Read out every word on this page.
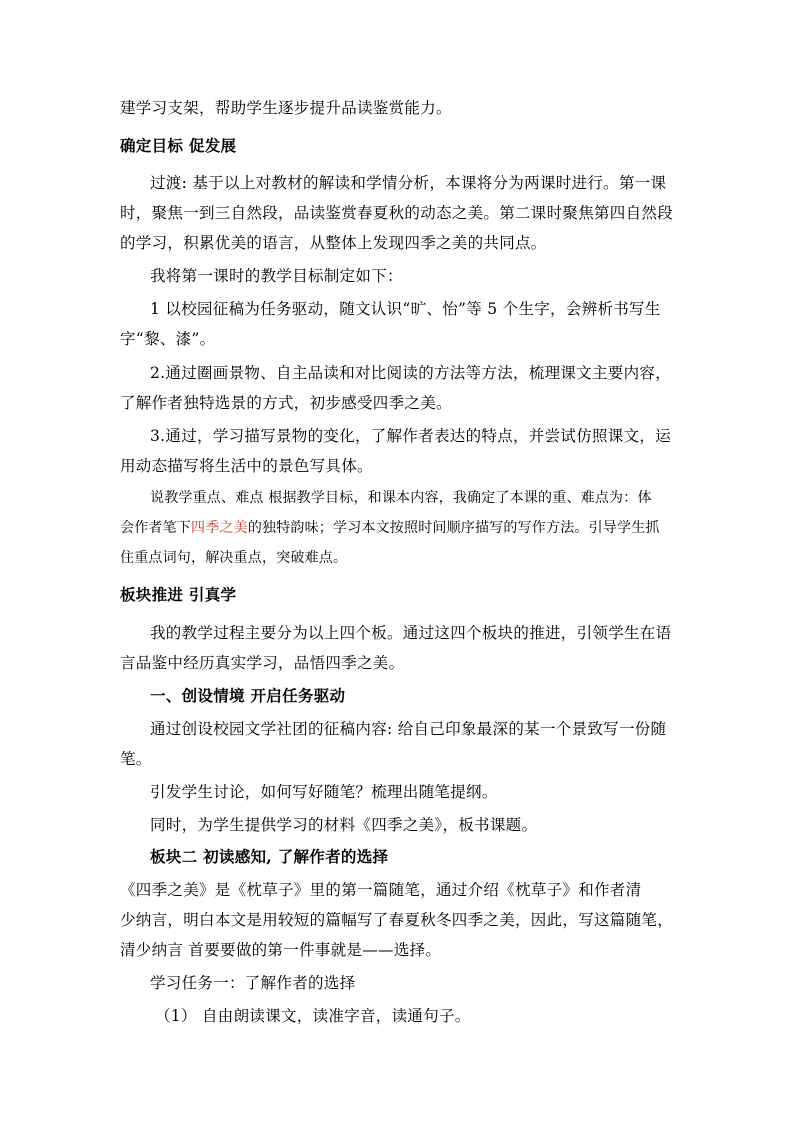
建学习支架，帮助学生逐步提升品读鉴赏能力。
确定目标 促发展
过渡: 基于以上对教材的解读和学情分析，本课将分为两课时进行。第一课
时，聚焦一到三自然段，品读鉴赏春夏秋的动态之美。第二课时聚焦第四自然段
的学习，积累优美的语言，从整体上发现四季之美的共同点。
我将第一课时的教学目标制定如下：
1 以校园征稿为任务驱动，随文认识“旷、怡”等 5 个生字，会辨析书写生
字“黎、漆”。
2.通过圈画景物、自主品读和对比阅读的方法等方法，梳理课文主要内容，
了解作者独特选景的方式，初步感受四季之美。
3.通过，学习描写景物的变化，了解作者表达的特点，并尝试仿照课文，运
用动态描写将生活中的景色写具体。
说教学重点、难点 根据教学目标，和课本内容，我确定了本课的重、难点为：体
会作者笔下四季之美的独特韵味；学习本文按照时间顺序描写的写作方法。引导学生抓
住重点词句，解决重点，突破难点。
板块推进 引真学
我的教学过程主要分为以上四个板。通过这四个板块的推进，引领学生在语
言品鉴中经历真实学习，品悟四季之美。
一、创设情境 开启任务驱动
通过创设校园文学社团的征稿内容: 给自己印象最深的某一个景致写一份随
笔。
引发学生讨论，如何写好随笔？梳理出随笔提纲。
同时，为学生提供学习的材料《四季之美》，板书课题。
板块二 初读感知, 了解作者的选择
《四季之美》是《枕草子》里的第一篇随笔，通过介绍《枕草子》和作者清
少纳言，明白本文是用较短的篇幅写了春夏秋冬四季之美，因此，写这篇随笔，
清少纳言 首要要做的第一件事就是——选择。
学习任务一：了解作者的选择
（1） 自由朗读课文，读准字音，读通句子。
